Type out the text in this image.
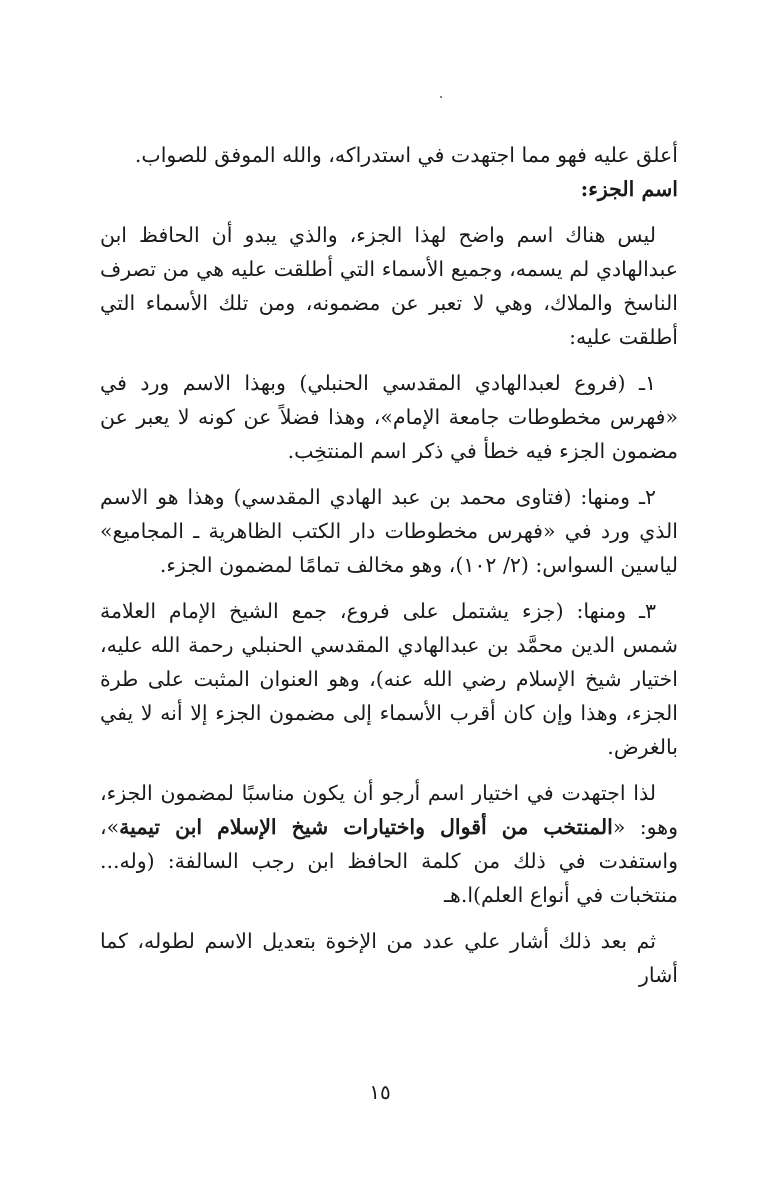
أعلق عليه فهو مما اجتهدت في استدراكه، والله الموفق للصواب.

اسم الجزء:

ليس هناك اسم واضح لهذا الجزء، والذي يبدو أن الحافظ ابن عبدالهادي لم يسمه، وجميع الأسماء التي أطلقت عليه هي من تصرف الناسخ والملاك، وهي لا تعبر عن مضمونه، ومن تلك الأسماء التي أطلقت عليه:

١ـ (فروع لعبدالهادي المقدسي الحنبلي) وبهذا الاسم ورد في «فهرس مخطوطات جامعة الإمام»، وهذا فضلاً عن كونه لا يعبر عن مضمون الجزء فيه خطأ في ذكر اسم المنتخِب.

٢ـ ومنها: (فتاوى محمد بن عبد الهادي المقدسي) وهذا هو الاسم الذي ورد في «فهرس مخطوطات دار الكتب الظاهرية ـ المجاميع» لياسين السواس: (٢/ ١٠٢)، وهو مخالف تمامًا لمضمون الجزء.

٣ـ ومنها: (جزء يشتمل على فروع، جمع الشيخ الإمام العلامة شمس الدين محمَّد بن عبدالهادي المقدسي الحنبلي رحمة الله عليه، اختيار شيخ الإسلام رضي الله عنه)، وهو العنوان المثبت على طرة الجزء، وهذا وإن كان أقرب الأسماء إلى مضمون الجزء إلا أنه لا يفي بالغرض.

لذا اجتهدت في اختيار اسم أرجو أن يكون مناسبًا لمضمون الجزء، وهو: «المنتخب من أقوال واختيارات شيخ الإسلام ابن تيمية»، واستفدت في ذلك من كلمة الحافظ ابن رجب السالفة: (وله... منتخبات في أنواع العلم)ا.هـ

ثم بعد ذلك أشار علي عدد من الإخوة بتعديل الاسم لطوله، كما أشار

١٥
